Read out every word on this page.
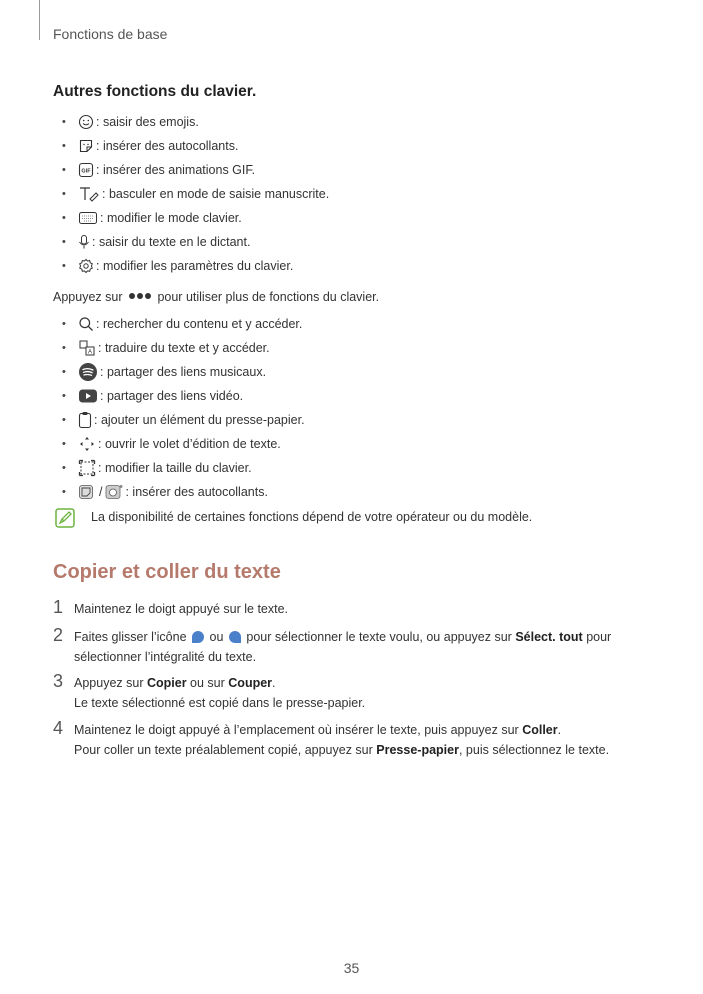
Fonctions de base
Autres fonctions du clavier.
•	: saisir des emojis.
•	: insérer des autocollants.
•	GIF : insérer des animations GIF.
•	: basculer en mode de saisie manuscrite.
•	: modifier le mode clavier.
•	: saisir du texte en le dictant.
•	: modifier les paramètres du clavier.
Appuyez sur	pour utiliser plus de fonctions du clavier.
•	: rechercher du contenu et y accéder.
•	A : traduire du texte et y accéder.
•	: partager des liens musicaux.
•	: partager des liens vidéo.
•	: ajouter un élément du presse-papier.
•	: ouvrir le volet d’édition de texte.
•	: modifier la taille du clavier.
•	/ : insérer des autocollants.
La disponibilité de certaines fonctions dépend de votre opérateur ou du modèle.
Copier et coller du texte
1 Maintenez le doigt appuyé sur le texte.
2 Faites glisser l’icône ou pour sélectionner le texte voulu, ou appuyez sur Sélect. tout pour
sélectionner l’intégralité du texte.
3 Appuyez sur Copier ou sur Couper.
Le texte sélectionné est copié dans le presse-papier.
4 Maintenez le doigt appuyé à l’emplacement où insérer le texte, puis appuyez sur Coller.
Pour coller un texte préalablement copié, appuyez sur Presse-papier, puis sélectionnez le texte.
35
